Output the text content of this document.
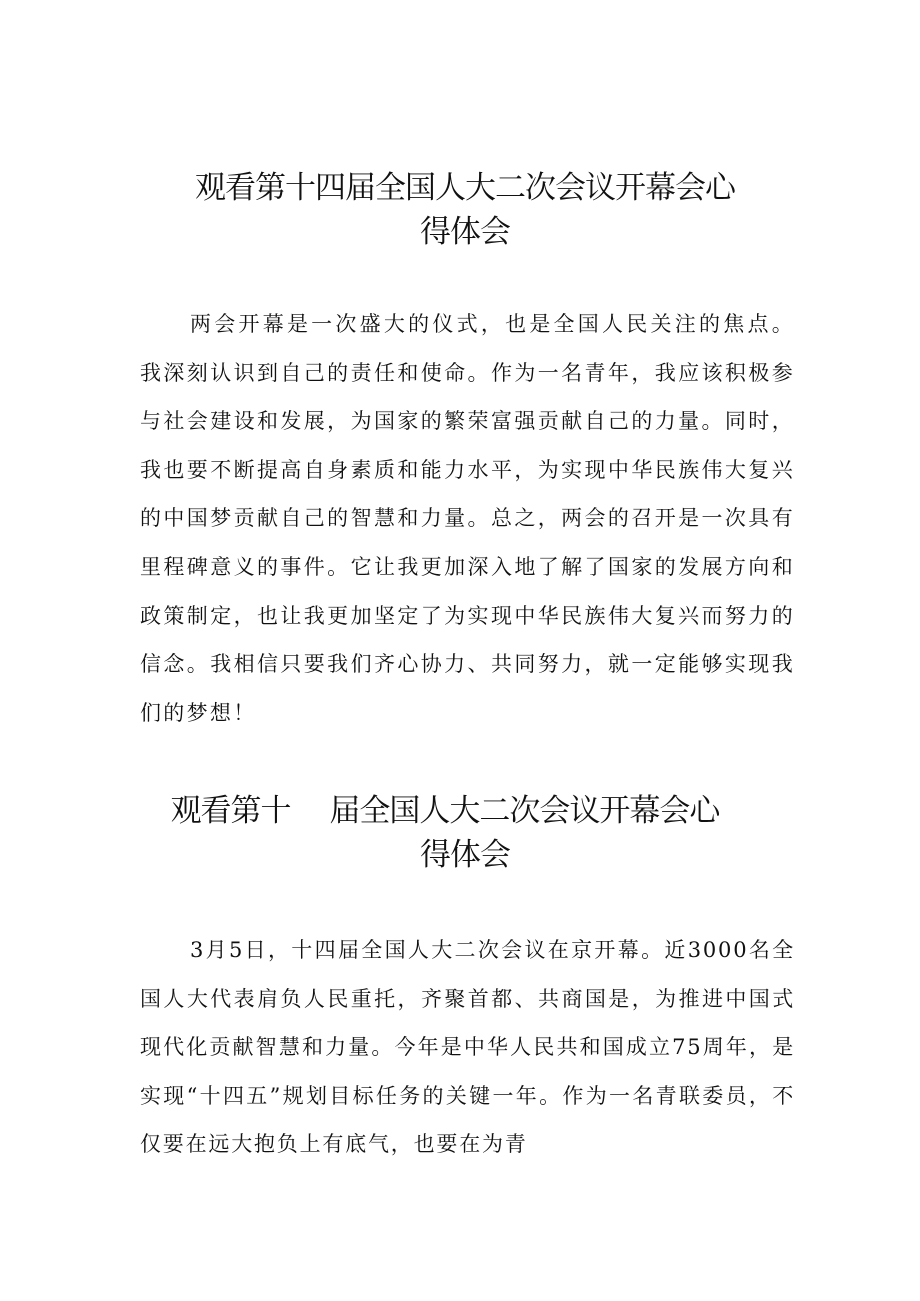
观看第十四届全国人大二次会议开幕会心
得体会

两会开幕是一次盛大的仪式，也是全国人民关注的焦点。我深刻认识到自己的责任和使命。作为一名青年，我应该积极参与社会建设和发展，为国家的繁荣富强贡献自己的力量。同时，我也要不断提高自身素质和能力水平，为实现中华民族伟大复兴的中国梦贡献自己的智慧和力量。总之，两会的召开是一次具有里程碑意义的事件。它让我更加深入地了解了国家的发展方向和政策制定，也让我更加坚定了为实现中华民族伟大复兴而努力的信念。我相信只要我们齐心协力、共同努力，就一定能够实现我们的梦想！

观看第十　 届全国人大二次会议开幕会心
得体会

3月5日，十四届全国人大二次会议在京开幕。近3000名全国人大代表肩负人民重托，齐聚首都、共商国是，为推进中国式现代化贡献智慧和力量。今年是中华人民共和国成立75周年，是实现“十四五”规划目标任务的关键一年。作为一名青联委员，不仅要在远大抱负上有底气，也要在为青
